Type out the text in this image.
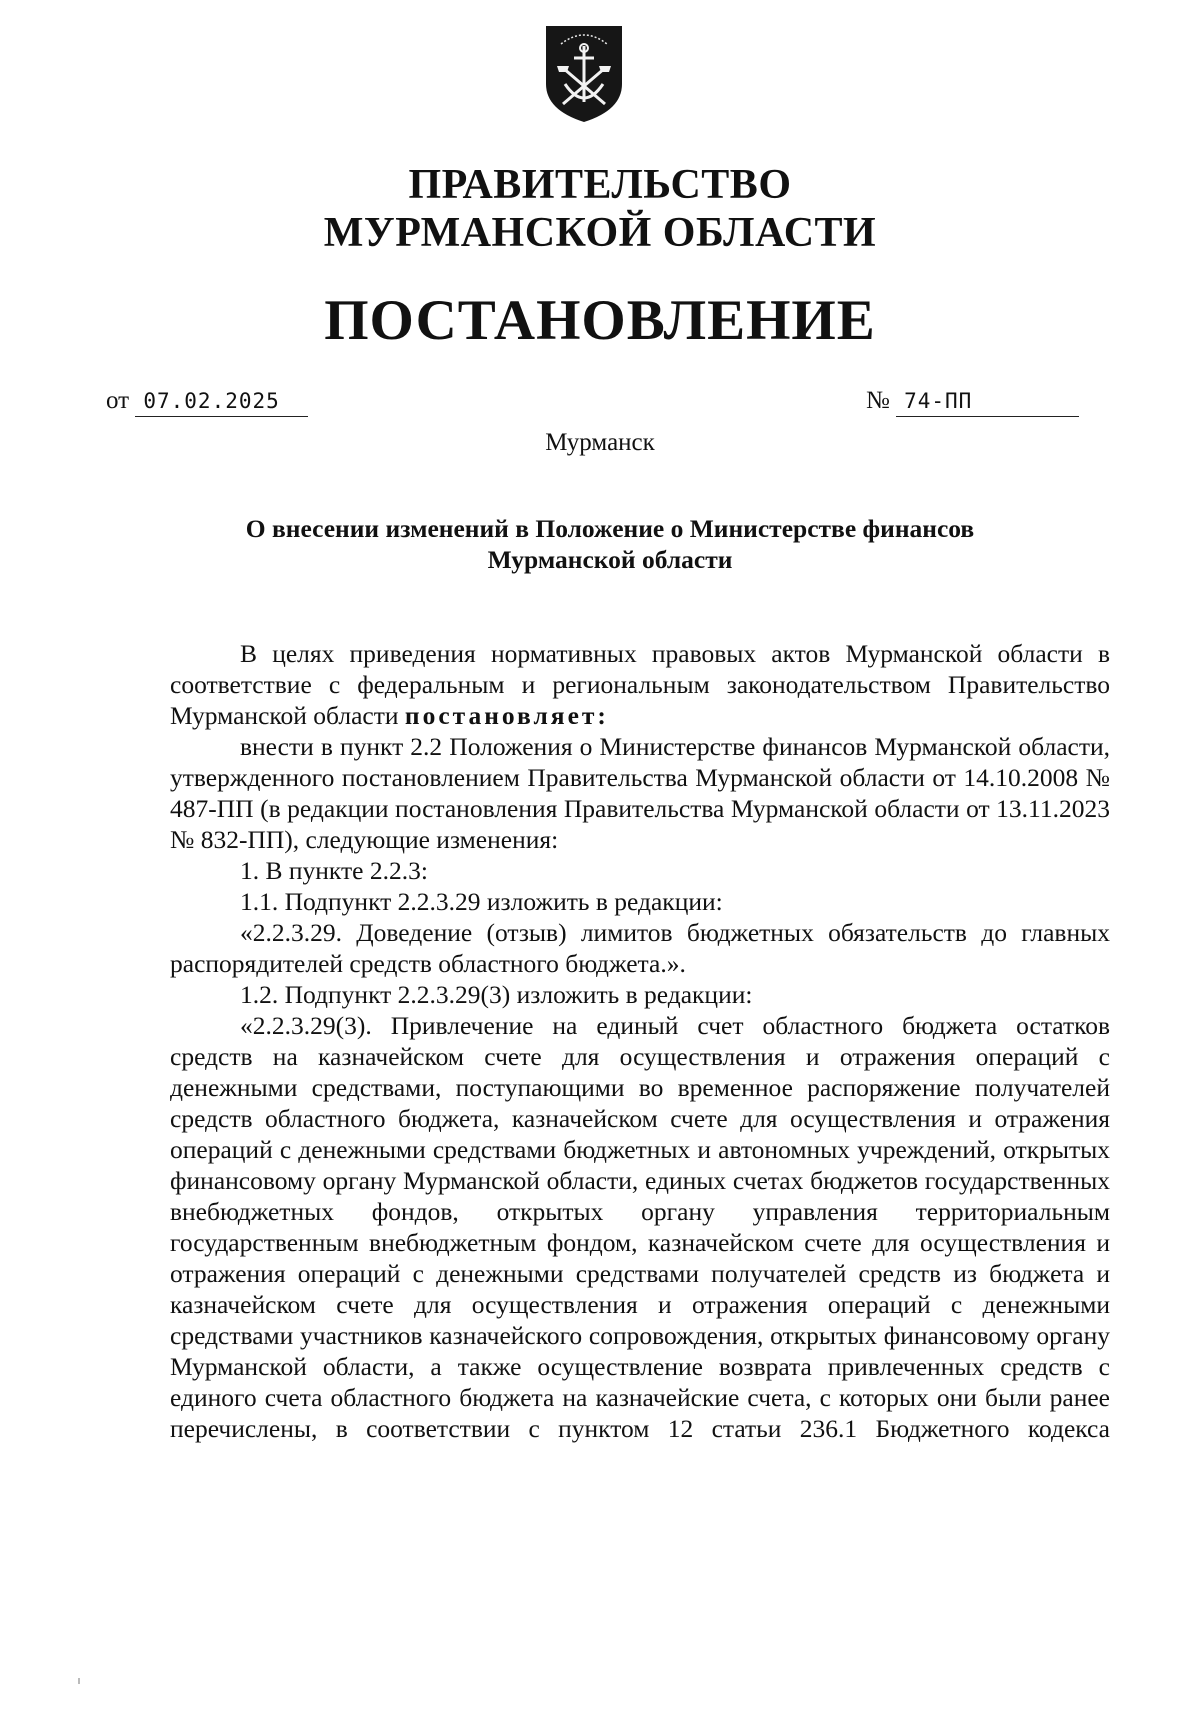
ПРАВИТЕЛЬСТВО
МУРМАНСКОЙ ОБЛАСТИ
ПОСТАНОВЛЕНИЕ
от 07.02.2025	№ 74-ПП
Мурманск
О внесении изменений в Положение о Министерстве финансов
Мурманской области

В целях приведения нормативных правовых актов Мурманской области в соответствие с федеральным и региональным законодательством Правительство Мурманской области постановляет:

внести в пункт 2.2 Положения о Министерстве финансов Мурманской области, утвержденного постановлением Правительства Мурманской области от 14.10.2008 № 487-ПП (в редакции постановления Правительства Мурманской области от 13.11.2023 № 832-ПП), следующие изменения:

1. В пункте 2.2.3:

1.1. Подпункт 2.2.3.29 изложить в редакции:

«2.2.3.29. Доведение (отзыв) лимитов бюджетных обязательств до главных распорядителей средств областного бюджета.».

1.2. Подпункт 2.2.3.29(3) изложить в редакции:

«2.2.3.29(3). Привлечение на единый счет областного бюджета остатков средств на казначейском счете для осуществления и отражения операций с денежными средствами, поступающими во временное распоряжение получателей средств областного бюджета, казначейском счете для осуществления и отражения операций с денежными средствами бюджетных и автономных учреждений, открытых финансовому органу Мурманской области, единых счетах бюджетов государственных внебюджетных фондов, открытых органу управления территориальным государственным внебюджетным фондом, казначейском счете для осуществления и отражения операций с денежными средствами получателей средств из бюджета и казначейском счете для осуществления и отражения операций с денежными средствами участников казначейского сопровождения, открытых финансовому органу Мурманской области, а также осуществление возврата привлеченных средств с единого счета областного бюджета на казначейские счета, с которых они были ранее перечислены, в соответствии с пунктом 12 статьи 236.1 Бюджетного кодекса
